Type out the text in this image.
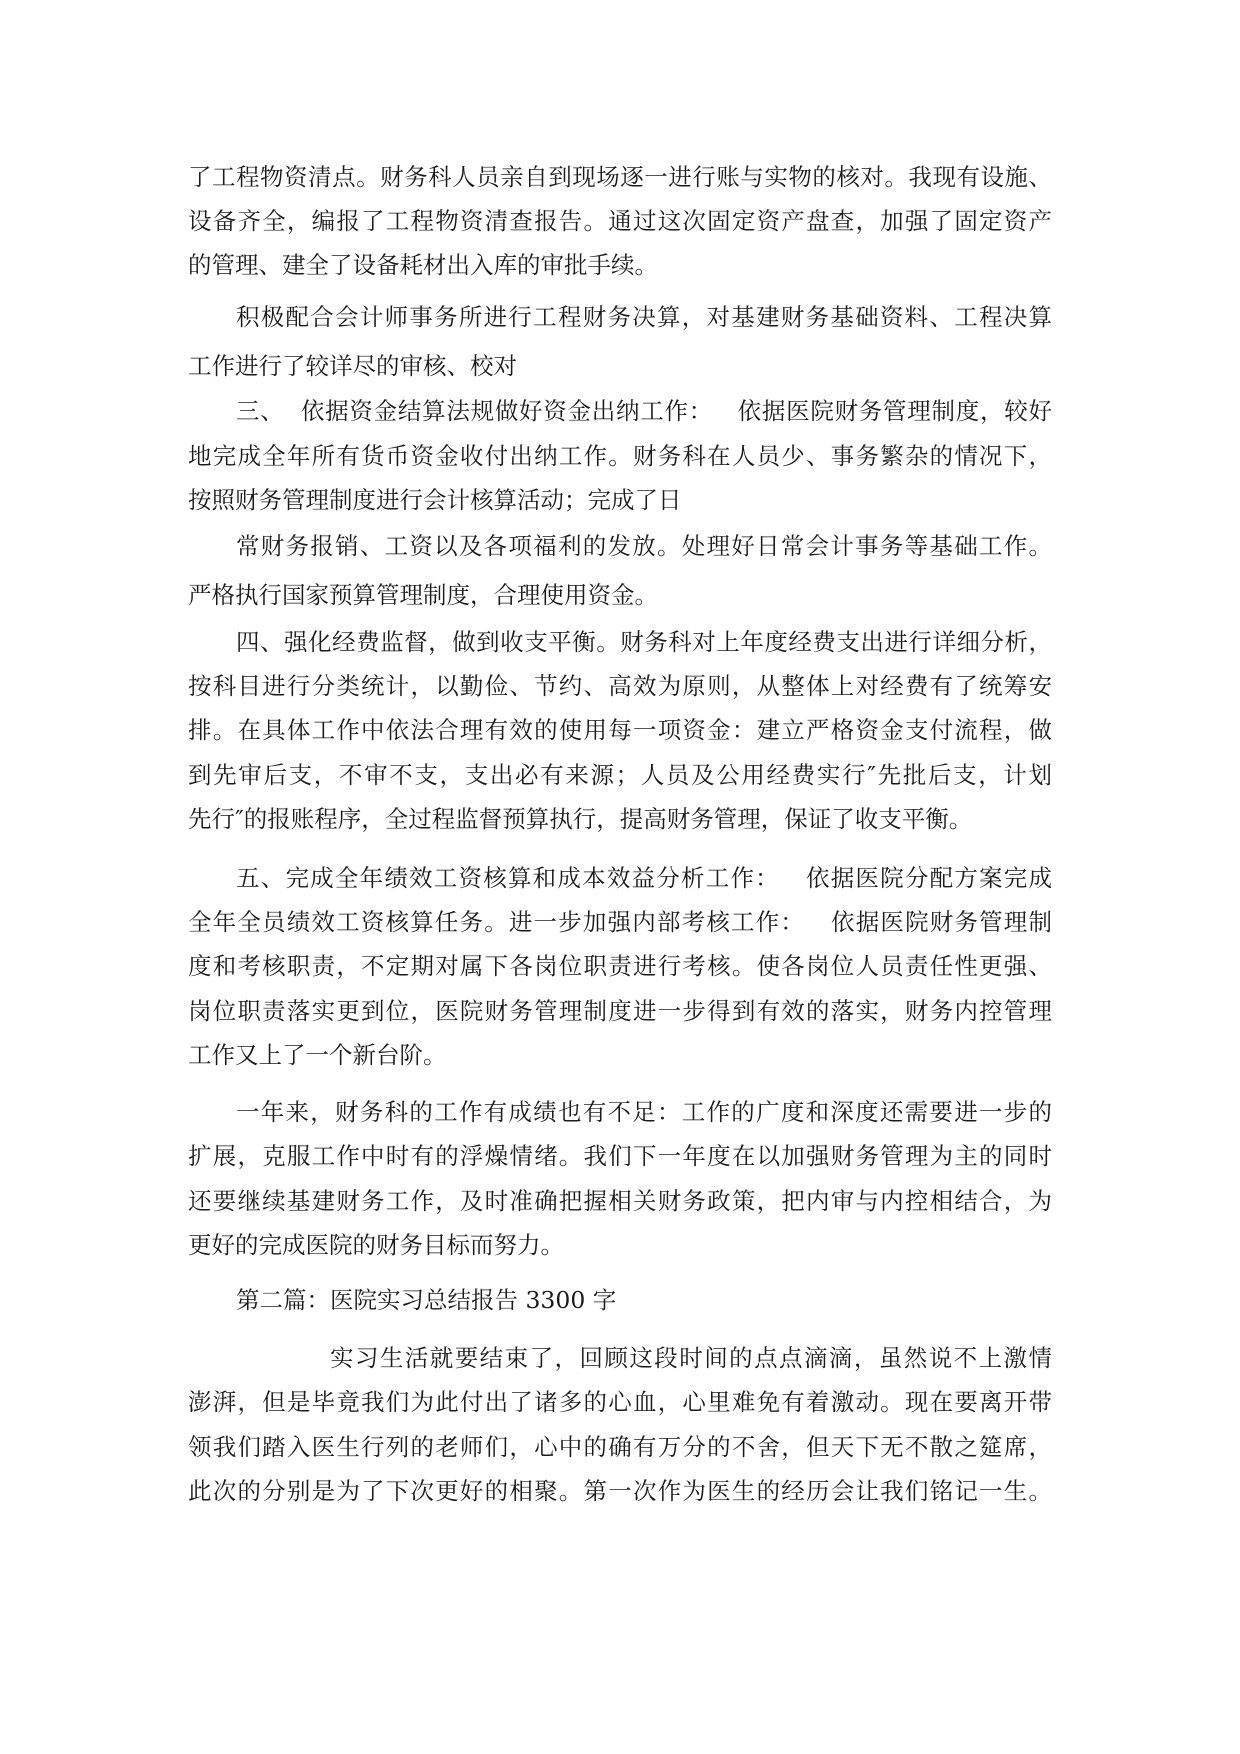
了工程物资清点。财务科人员亲自到现场逐一进行账与实物的核对。我现有设施、
设备齐全，编报了工程物资清查报告。通过这次固定资产盘查，加强了固定资产
的管理、建全了设备耗材出入库的审批手续。
积极配合会计师事务所进行工程财务决算，对基建财务基础资料、工程决算
工作进行了较详尽的审核、校对
三、  依据资金结算法规做好资金出纳工作：   依据医院财务管理制度，较好
地完成全年所有货币资金收付出纳工作。财务科在人员少、事务繁杂的情况下，
按照财务管理制度进行会计核算活动；完成了日
常财务报销、工资以及各项福利的发放。处理好日常会计事务等基础工作。
严格执行国家预算管理制度，合理使用资金。
四、强化经费监督，做到收支平衡。财务科对上年度经费支出进行详细分析，
按科目进行分类统计，以勤俭、节约、高效为原则，从整体上对经费有了统筹安
排。在具体工作中依法合理有效的使用每一项资金：建立严格资金支付流程，做
到先审后支，不审不支，支出必有来源；人员及公用经费实行″先批后支，计划
先行″的报账程序，全过程监督预算执行，提高财务管理，保证了收支平衡。
五、完成全年绩效工资核算和成本效益分析工作：   依据医院分配方案完成
全年全员绩效工资核算任务。进一步加强内部考核工作：   依据医院财务管理制
度和考核职责，不定期对属下各岗位职责进行考核。使各岗位人员责任性更强、
岗位职责落实更到位，医院财务管理制度进一步得到有效的落实，财务内控管理
工作又上了一个新台阶。
一年来，财务科的工作有成绩也有不足：工作的广度和深度还需要进一步的
扩展，克服工作中时有的浮燥情绪。我们下一年度在以加强财务管理为主的同时
还要继续基建财务工作，及时准确把握相关财务政策，把内审与内控相结合，为
更好的完成医院的财务目标而努力。
第二篇：医院实习总结报告 3300 字
实习生活就要结束了，回顾这段时间的点点滴滴，虽然说不上激情
澎湃，但是毕竟我们为此付出了诸多的心血，心里难免有着激动。现在要离开带
领我们踏入医生行列的老师们，心中的确有万分的不舍，但天下无不散之筵席，
此次的分别是为了下次更好的相聚。第一次作为医生的经历会让我们铭记一生。
